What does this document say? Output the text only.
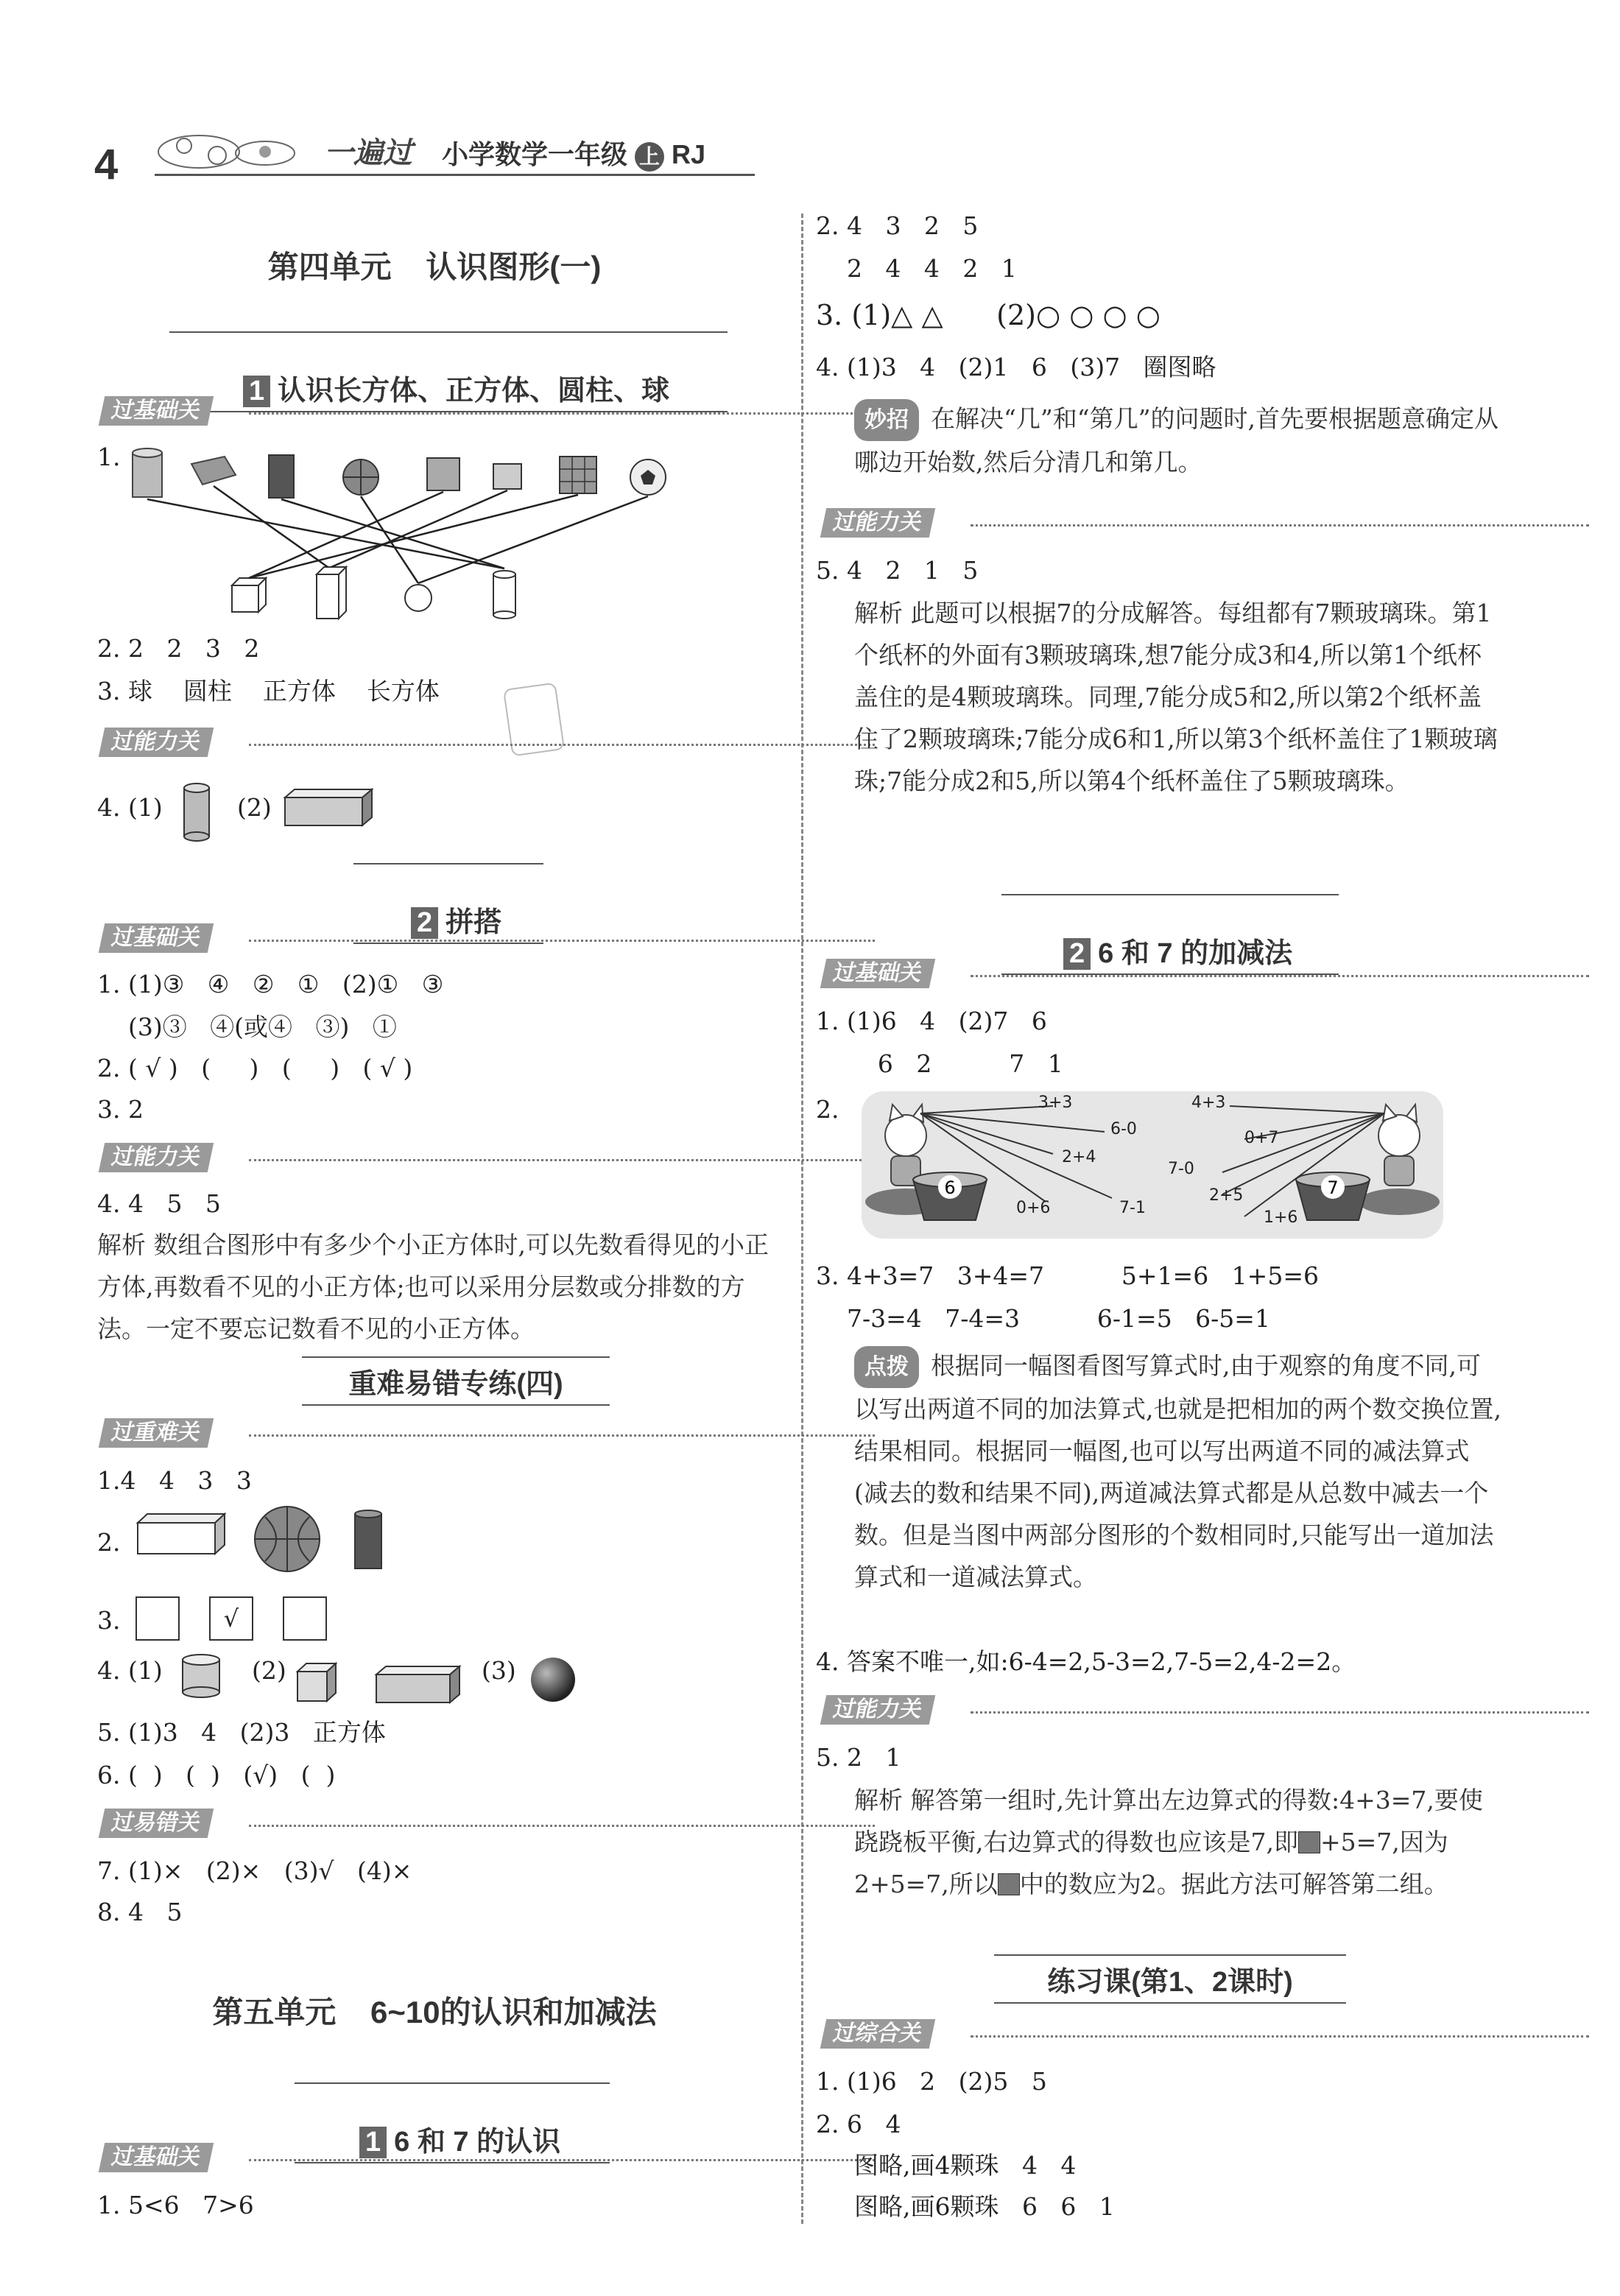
4	一遍过 小学数学一年级 上 RJ
第四单元    认识图形(一)

1 认识长方体、正方体、圆柱、球

过基础关
1.
2. 2   2   3   2
3. 球    圆柱    正方体    长方体
过能力关
4. (1)	(2)

2 拼搭

过基础关
1. (1)③   ④   ②   ①   (2)①   ③
(3)③   ④(或④   ③)   ①
2. ( √ )   (     )   (     )   ( √ )
3. 2
过能力关
4. 4   5   5
解析 数组合图形中有多少个小正方体时,可以先数看得见的小正方体,再数看不见的小正方体;也可以采用分层数或分排数的方法。一定不要忘记数看不见的小正方体。
重难易错专练(四)
过重难关
1.4   4   3   3
2.
3.	√
4. (1)	(2)	(3)
5. (1)3   4   (2)3   正方体
6. (  )   (  )   (√)   (  )
过易错关
7. (1)×   (2)×   (3)√   (4)×
8. 4   5
第五单元    6~10的认识和加减法

1 6 和 7 的认识

过基础关
1. 5<6   7>6
2. 4   3   2   5
2   4   4   2   1
3. (1)△ △      (2)○ ○ ○ ○
4. (1)3   4   (2)1   6   (3)7   圈图略
妙招 在解决“几”和“第几”的问题时,首先要根据题意确定从哪边开始数,然后分清几和第几。
过能力关
5. 4   2   1   5
解析 此题可以根据7的分成解答。每组都有7颗玻璃珠。第1个纸杯的外面有3颗玻璃珠,想7能分成3和4,所以第1个纸杯盖住的是4颗玻璃珠。同理,7能分成5和2,所以第2个纸杯盖住了2颗玻璃珠;7能分成6和1,所以第3个纸杯盖住了1颗玻璃珠;7能分成2和5,所以第4个纸杯盖住了5颗玻璃珠。

2 6 和 7 的加减法

过基础关
1. (1)6   4   (2)7   6
6   2          7   1
2.
6	7
3+3
6-0
2+4
0+6	7-1
4+3
0+7
7-0
2+5
1+6
3. 4+3=7   3+4=7          5+1=6   1+5=6
7-3=4   7-4=3          6-1=5   6-5=1
点拨 根据同一幅图看图写算式时,由于观察的角度不同,可以写出两道不同的加法算式,也就是把相加的两个数交换位置,结果相同。根据同一幅图,也可以写出两道不同的减法算式(减去的数和结果不同),两道减法算式都是从总数中减去一个数。但是当图中两部分图形的个数相同时,只能写出一道加法算式和一道减法算式。
4. 答案不唯一,如:6-4=2,5-3=2,7-5=2,4-2=2。
过能力关
5. 2   1
解析 解答第一组时,先计算出左边算式的得数:4+3=7,要使跷跷板平衡,右边算式的得数也应该是7,即 +5=7,因为2+5=7,所以 中的数应为2。据此方法可解答第二组。
练习课(第1、2课时)
过综合关
1. (1)6   2   (2)5   5
2. 6   4
图略,画4颗珠   4   4
图略,画6颗珠   6   6   1
